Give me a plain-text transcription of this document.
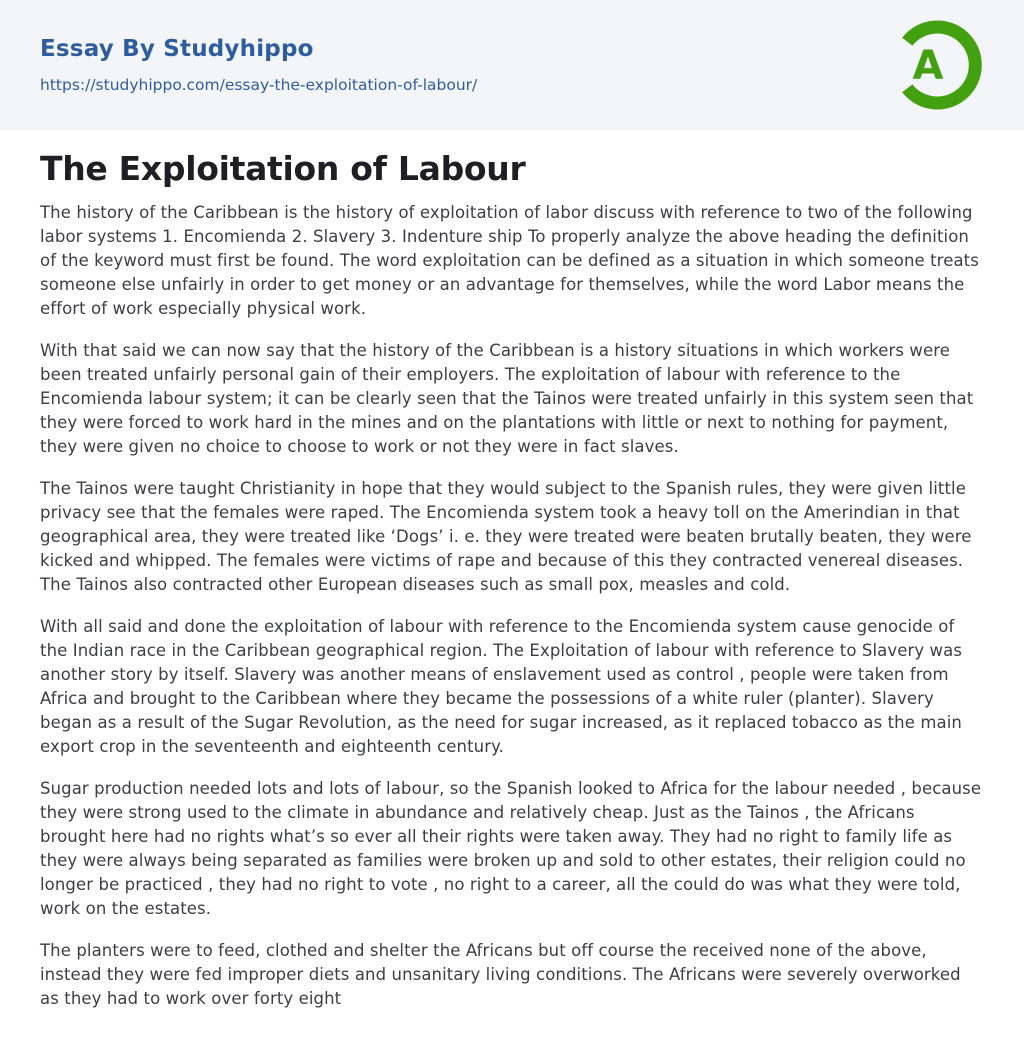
Essay By Studyhippo
https://studyhippo.com/essay-the-exploitation-of-labour/	A
The Exploitation of Labour

The history of the Caribbean is the history of exploitation of labor discuss with reference to two of the following labor systems 1. Encomienda 2. Slavery 3. Indenture ship To properly analyze the above heading the definition of the keyword must first be found. The word exploitation can be defined as a situation in which someone treats someone else unfairly in order to get money or an advantage for themselves, while the word Labor means the effort of work especially physical work.

With that said we can now say that the history of the Caribbean is a history situations in which workers were been treated unfairly personal gain of their employers. The exploitation of labour with reference to the Encomienda labour system; it can be clearly seen that the Tainos were treated unfairly in this system seen that they were forced to work hard in the mines and on the plantations with little or next to nothing for payment, they were given no choice to choose to work or not they were in fact slaves.

The Tainos were taught Christianity in hope that they would subject to the Spanish rules, they were given little privacy see that the females were raped. The Encomienda system took a heavy toll on the Amerindian in that geographical area, they were treated like ‘Dogs’ i. e. they were treated were beaten brutally beaten, they were kicked and whipped. The females were victims of rape and because of this they contracted venereal diseases. The Tainos also contracted other European diseases such as small pox, measles and cold.

With all said and done the exploitation of labour with reference to the Encomienda system cause genocide of the Indian race in the Caribbean geographical region. The Exploitation of labour with reference to Slavery was another story by itself. Slavery was another means of enslavement used as control , people were taken from Africa and brought to the Caribbean where they became the possessions of a white ruler (planter). Slavery began as a result of the Sugar Revolution, as the need for sugar increased, as it replaced tobacco as the main export crop in the seventeenth and eighteenth century.

Sugar production needed lots and lots of labour, so the Spanish looked to Africa for the labour needed , because they were strong used to the climate in abundance and relatively cheap. Just as the Tainos , the Africans brought here had no rights what’s so ever all their rights were taken away. They had no right to family life as they were always being separated as families were broken up and sold to other estates, their religion could no longer be practiced , they had no right to vote , no right to a career, all the could do was what they were told, work on the estates.

The planters were to feed, clothed and shelter the Africans but off course the received none of the above, instead they were fed improper diets and unsanitary living conditions. The Africans were severely overworked as they had to work over forty eight
